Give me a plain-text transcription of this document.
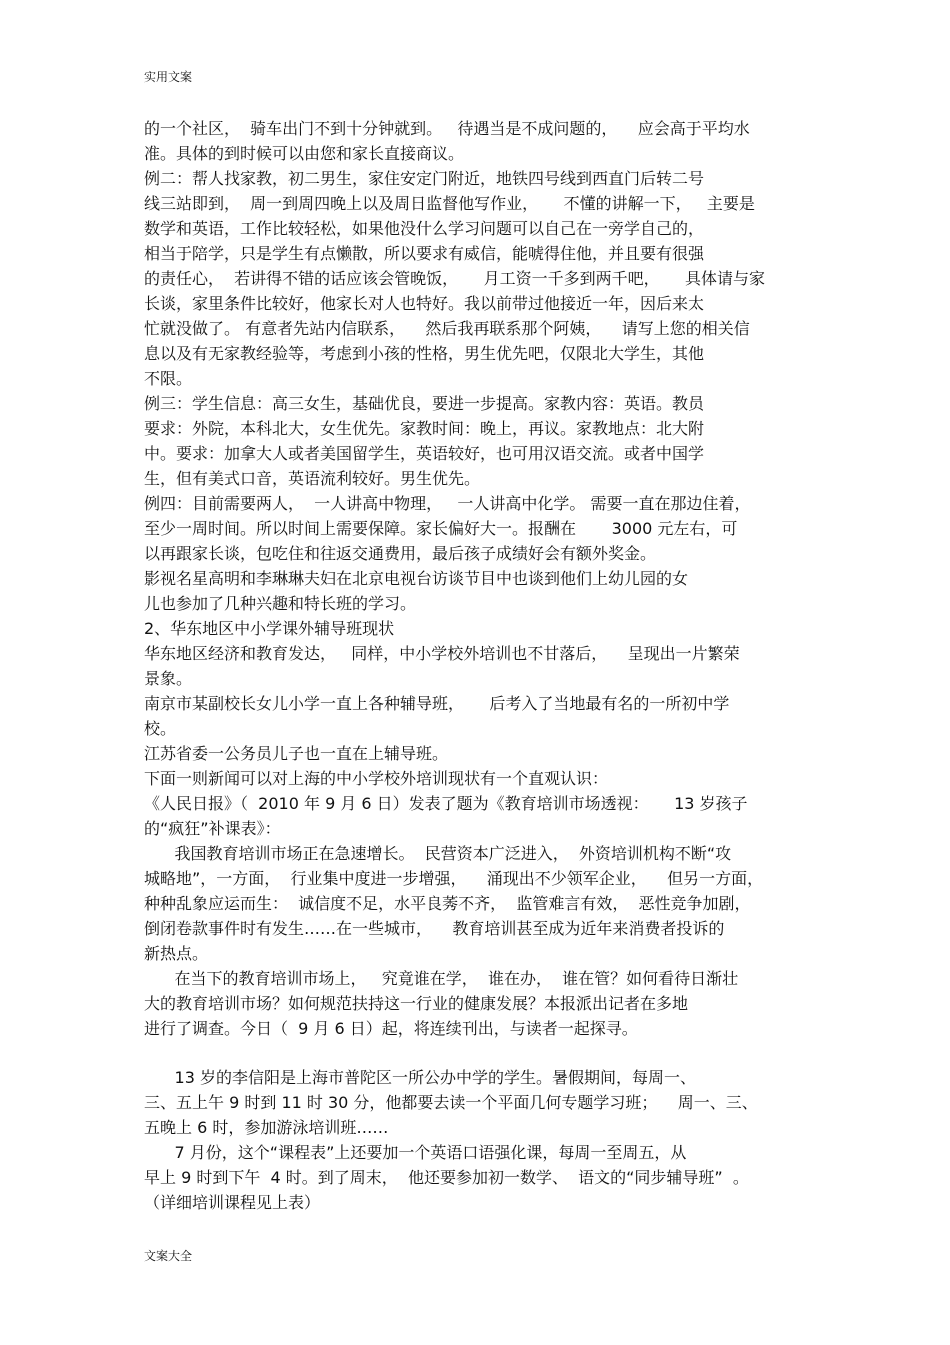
实用文案
的一个社区，  骑车出门不到十分钟就到。   待遇当是不成问题的，    应会高于平均水
准。具体的到时候可以由您和家长直接商议。
例二：帮人找家教，初二男生，家住安定门附近，地铁四号线到西直门后转二号
线三站即到，  周一到周四晚上以及周日监督他写作业，     不懂的讲解一下，   主要是
数学和英语，工作比较轻松，如果他没什么学习问题可以自己在一旁学自己的，
相当于陪学，只是学生有点懒散，所以要求有威信，能唬得住他，并且要有很强
的责任心，  若讲得不错的话应该会管晚饭，     月工资一千多到两千吧，     具体请与家
长谈，家里条件比较好，他家长对人也特好。我以前带过他接近一年，因后来太
忙就没做了。 有意者先站内信联系，    然后我再联系那个阿姨，    请写上您的相关信
息以及有无家教经验等，考虑到小孩的性格，男生优先吧，仅限北大学生，其他
不限。
例三：学生信息：高三女生，基础优良，要进一步提高。家教内容：英语。教员
要求：外院，本科北大，女生优先。家教时间：晚上，再议。家教地点：北大附
中。要求：加拿大人或者美国留学生，英语较好，也可用汉语交流。或者中国学
生，但有美式口音，英语流利较好。男生优先。
例四：目前需要两人，  一人讲高中物理，   一人讲高中化学。 需要一直在那边住着，
至少一周时间。所以时间上需要保障。家长偏好大一。报酬在       3000 元左右，可
以再跟家长谈，包吃住和往返交通费用，最后孩子成绩好会有额外奖金。
影视名星高明和李琳琳夫妇在北京电视台访谈节目中也谈到他们上幼儿园的女
儿也参加了几种兴趣和特长班的学习。
2、华东地区中小学课外辅导班现状
华东地区经济和教育发达，   同样，中小学校外培训也不甘落后，    呈现出一片繁荣
景象。
南京市某副校长女儿小学一直上各种辅导班，     后考入了当地最有名的一所初中学
校。
江苏省委一公务员儿子也一直在上辅导班。
下面一则新闻可以对上海的中小学校外培训现状有一个直观认识：
《人民日报》（  2010 年 9 月 6 日）发表了题为《教育培训市场透视：     13 岁孩子
的“疯狂”补课表》：
我国教育培训市场正在急速增长。  民营资本广泛进入，  外资培训机构不断“攻
城略地”，一方面，  行业集中度进一步增强，    涌现出不少领军企业，    但另一方面，
种种乱象应运而生：  诚信度不足，水平良莠不齐，  监管难言有效，  恶性竞争加剧，
倒闭卷款事件时有发生……在一些城市，    教育培训甚至成为近年来消费者投诉的
新热点。
在当下的教育培训市场上，   究竟谁在学，  谁在办，  谁在管？如何看待日渐壮
大的教育培训市场？如何规范扶持这一行业的健康发展？本报派出记者在多地
进行了调查。今日（  9 月 6 日）起，将连续刊出，与读者一起探寻。
13 岁的李信阳是上海市普陀区一所公办中学的学生。暑假期间，每周一、
三、五上午 9 时到 11 时 30 分，他都要去读一个平面几何专题学习班；    周一、三、
五晚上 6 时，参加游泳培训班……
7 月份，这个“课程表”上还要加一个英语口语强化课，每周一至周五，从
早上 9 时到下午  4 时。到了周末，  他还要参加初一数学、  语文的“同步辅导班”  。
（详细培训课程见上表）
文案大全
